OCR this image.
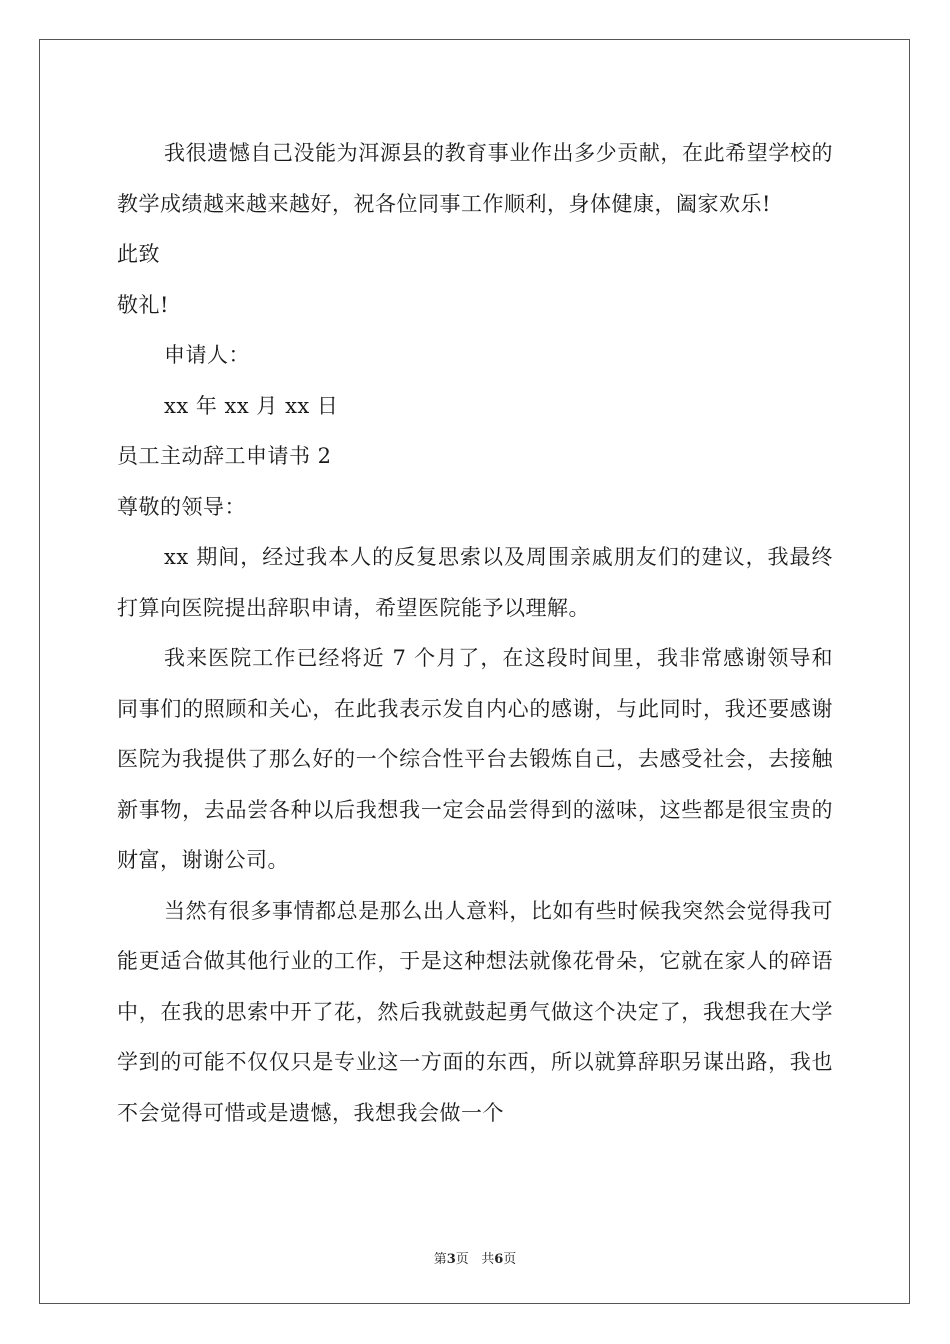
我很遗憾自己没能为洱源县的教育事业作出多少贡献，在此希望学校的教学成绩越来越来越好，祝各位同事工作顺利，身体健康，阖家欢乐!

此致

敬礼!

申请人：

xx 年 xx 月 xx 日

员工主动辞工申请书 2

尊敬的领导：

xx 期间，经过我本人的反复思索以及周围亲戚朋友们的建议，我最终打算向医院提出辞职申请，希望医院能予以理解。

我来医院工作已经将近 7 个月了，在这段时间里，我非常感谢领导和同事们的照顾和关心，在此我表示发自内心的感谢，与此同时，我还要感谢医院为我提供了那么好的一个综合性平台去锻炼自己，去感受社会，去接触新事物，去品尝各种以后我想我一定会品尝得到的滋味，这些都是很宝贵的财富，谢谢公司。

当然有很多事情都总是那么出人意料，比如有些时候我突然会觉得我可能更适合做其他行业的工作，于是这种想法就像花骨朵，它就在家人的碎语中，在我的思索中开了花，然后我就鼓起勇气做这个决定了，我想我在大学学到的可能不仅仅只是专业这一方面的东西，所以就算辞职另谋出路，我也不会觉得可惜或是遗憾，我想我会做一个

第3页 共6页
